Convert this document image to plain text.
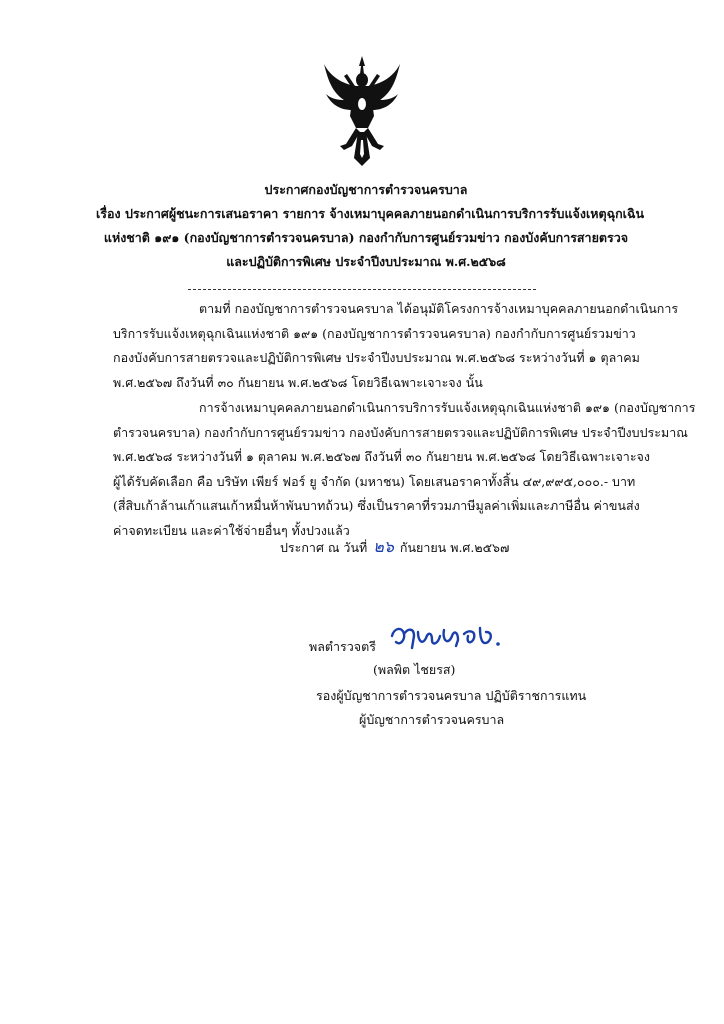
ประกาศกองบัญชาการตำรวจนครบาล
เรื่อง ประกาศผู้ชนะการเสนอราคา รายการ จ้างเหมาบุคคลภายนอกดำเนินการบริการรับแจ้งเหตุฉุกเฉิน
แห่งชาติ ๑๙๑ (กองบัญชาการตำรวจนครบาล) กองกำกับการศูนย์รวมข่าว กองบังคับการสายตรวจ
และปฏิบัติการพิเศษ ประจำปีงบประมาณ พ.ศ.๒๕๖๘
ตามที่ กองบัญชาการตำรวจนครบาล ได้อนุมัติโครงการจ้างเหมาบุคคลภายนอกดำเนินการ
บริการรับแจ้งเหตุฉุกเฉินแห่งชาติ ๑๙๑ (กองบัญชาการตำรวจนครบาล) กองกำกับการศูนย์รวมข่าว
กองบังคับการสายตรวจและปฏิบัติการพิเศษ ประจำปีงบประมาณ พ.ศ.๒๕๖๘ ระหว่างวันที่ ๑ ตุลาคม
พ.ศ.๒๕๖๗ ถึงวันที่ ๓๐ กันยายน พ.ศ.๒๕๖๘ โดยวิธีเฉพาะเจาะจง นั้น
การจ้างเหมาบุคคลภายนอกดำเนินการบริการรับแจ้งเหตุฉุกเฉินแห่งชาติ ๑๙๑ (กองบัญชาการ
ตำรวจนครบาล) กองกำกับการศูนย์รวมข่าว กองบังคับการสายตรวจและปฏิบัติการพิเศษ ประจำปีงบประมาณ
พ.ศ.๒๕๖๘ ระหว่างวันที่ ๑ ตุลาคม พ.ศ.๒๕๖๗ ถึงวันที่ ๓๐ กันยายน พ.ศ.๒๕๖๘ โดยวิธีเฉพาะเจาะจง
ผู้ได้รับคัดเลือก คือ บริษัท เพียร์ ฟอร์ ยู จำกัด (มหาชน) โดยเสนอราคาทั้งสิ้น ๔๙,๙๙๕,๐๐๐.- บาท
(สี่สิบเก้าล้านเก้าแสนเก้าหมื่นห้าพันบาทถ้วน) ซึ่งเป็นราคาที่รวมภาษีมูลค่าเพิ่มและภาษีอื่น ค่าขนส่ง
ค่าจดทะเบียน และค่าใช้จ่ายอื่นๆ ทั้งปวงแล้ว
ประกาศ ณ วันที่ ๒๖ กันยายน พ.ศ.๒๕๖๗
พลตำรวจตรี
(พลพิต ไชยรส)
รองผู้บัญชาการตำรวจนครบาล ปฏิบัติราชการแทน
ผู้บัญชาการตำรวจนครบาล
